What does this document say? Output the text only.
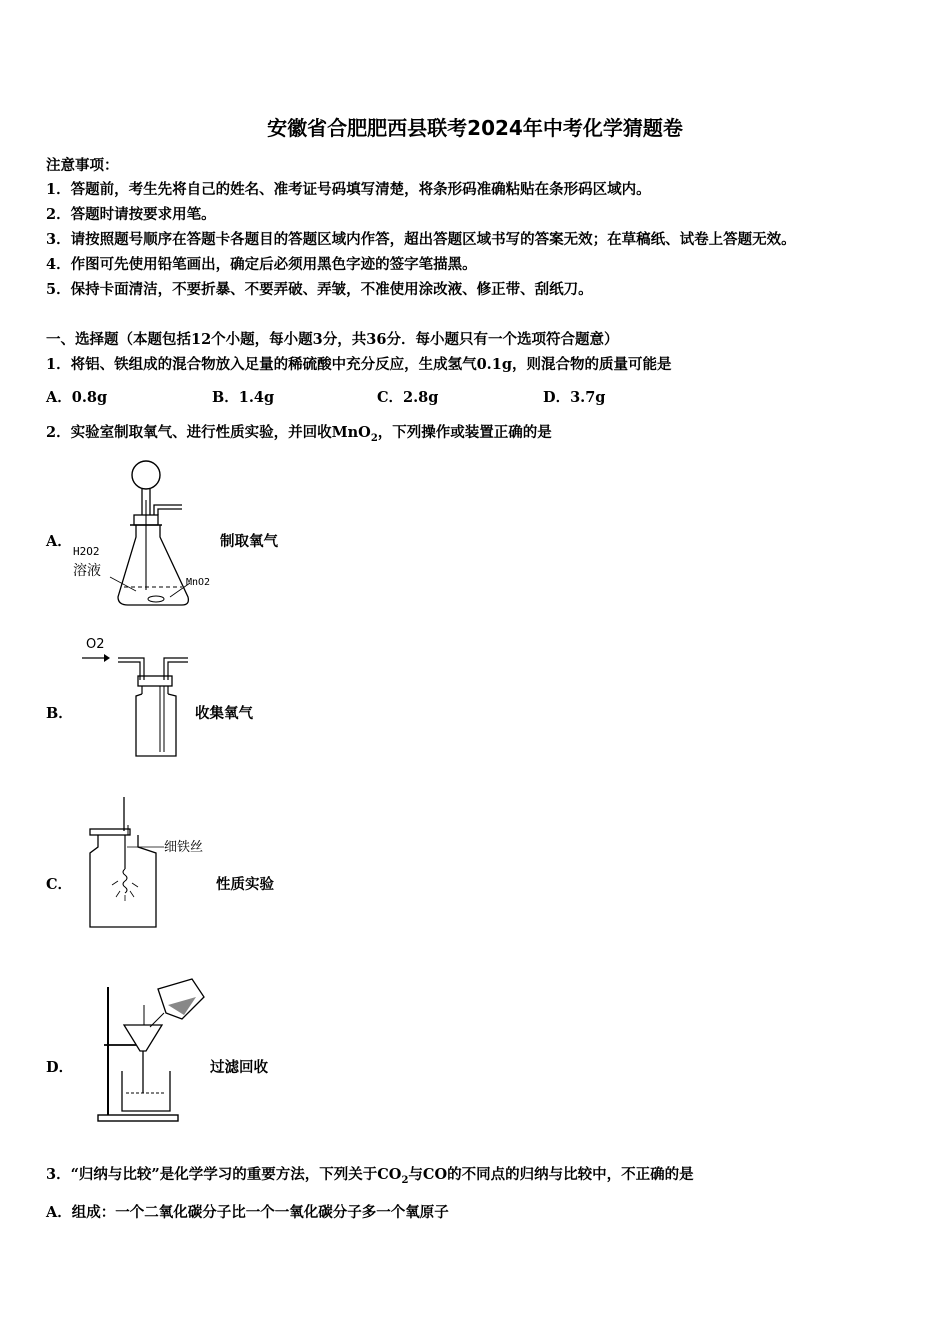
安徽省合肥肥西县联考2024年中考化学猜题卷
注意事项：
1．答题前，考生先将自己的姓名、准考证号码填写清楚，将条形码准确粘贴在条形码区域内。
2．答题时请按要求用笔。
3．请按照题号顺序在答题卡各题目的答题区域内作答，超出答题区域书写的答案无效；在草稿纸、试卷上答题无效。
4．作图可先使用铅笔画出，确定后必须用黑色字迹的签字笔描黑。
5．保持卡面清洁，不要折暴、不要弄破、弄皱，不准使用涂改液、修正带、刮纸刀。
一、选择题（本题包括12个小题，每小题3分，共36分．每小题只有一个选项符合题意）
1．将铝、铁组成的混合物放入足量的稀硫酸中充分反应，生成氢气0.1g，则混合物的质量可能是
A．0.8g	B．1.4g	C．2.8g	D．3.7g
2．实验室制取氧气、进行性质实验，并回收MnO$_2$，下列操作或装置正确的是
A．
H2O2
溶液
MnO2
制取氧气
B．
O2
收集氧气
C．
细铁丝
性质实验
D．	过滤回收
3．“归纳与比较”是化学学习的重要方法，下列关于$CO_2$与CO的不同点的归纳与比较中，不正确的是
A．组成：一个二氧化碳分子比一个一氧化碳分子多一个氧原子
